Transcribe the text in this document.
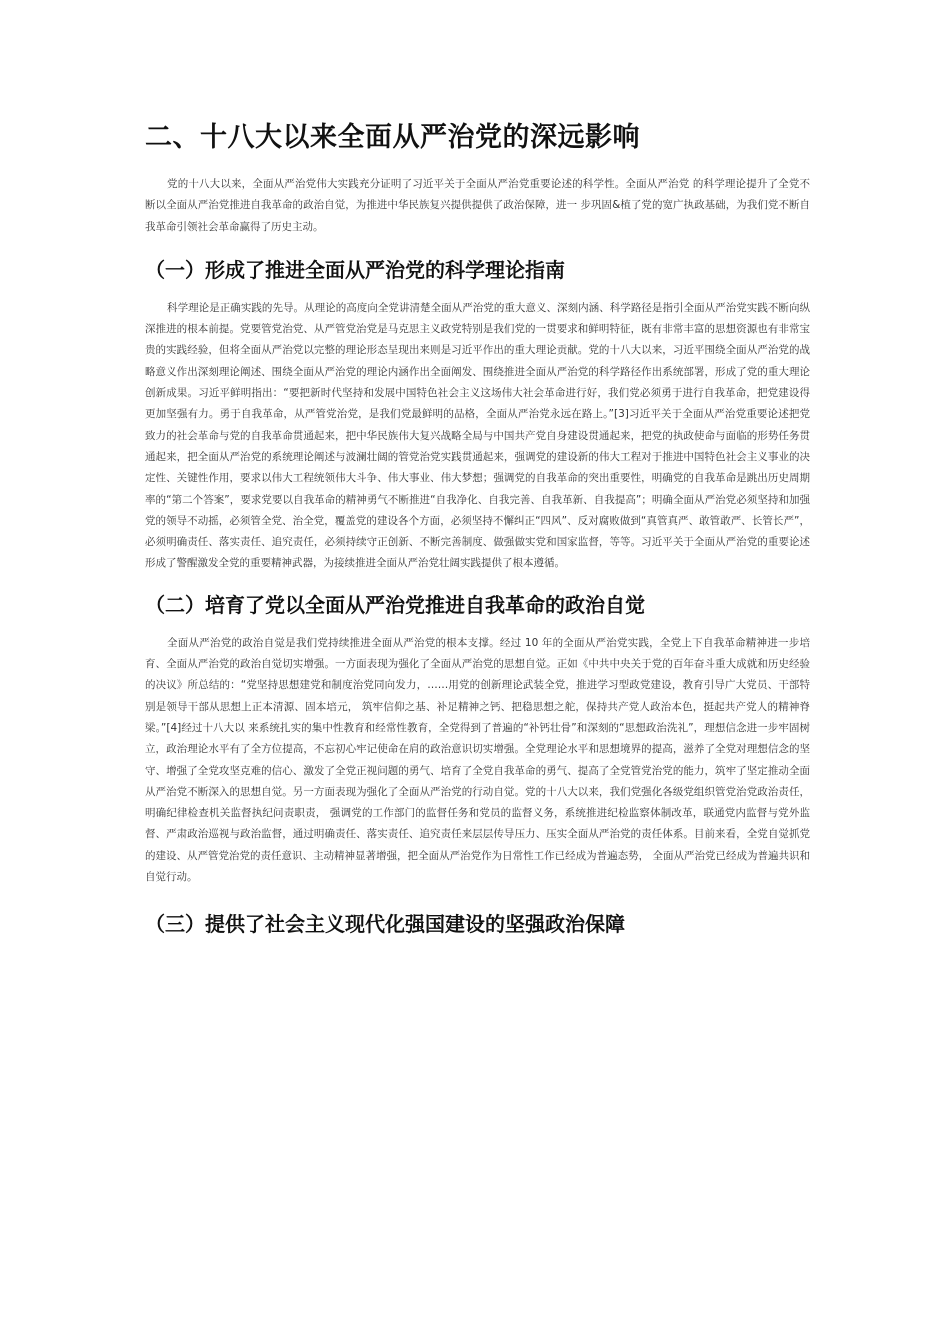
二、十八大以来全面从严治党的深远影响

党的十八大以来，全面从严治党伟大实践充分证明了习近平关于全面从严治党重要论述的科学性。全面从严治党 的科学理论提升了全党不断以全面从严治党推进自我革命的政治自觉，为推进中华民族复兴提供提供了政治保障，进一 步巩固&植了党的宽广执政基础，为我们党不断自我革命引领社会革命赢得了历史主动。

（一）形成了推进全面从严治党的科学理论指南

科学理论是正确实践的先导。从理论的高度向全党讲清楚全面从严治党的重大意义、深刻内涵、科学路径是指引全面从严治党实践不断向纵深推进的根本前提。党要管党治党、从严管党治党是马克思主义政党特别是我们党的一贯要求和鲜明特征，既有非常丰富的思想资源也有非常宝贵的实践经验，但将全面从严治党以完整的理论形态呈现出来则是习近平作出的重大理论贡献。党的十八大以来，习近平围绕全面从严治党的战略意义作出深刻理论阐述、围绕全面从严治党的理论内涵作出全面阐发、围绕推进全面从严治党的科学路径作出系统部署，形成了党的重大理论创新成果。习近平鲜明指出：“要把新时代坚持和发展中国特色社会主义这场伟大社会革命进行好，我们党必须勇于进行自我革命，把党建设得更加坚强有力。勇于自我革命，从严管党治党，是我们党最鲜明的品格，全面从严治党永远在路上。”[3]习近平关于全面从严治党重要论述把党致力的社会革命与党的自我革命贯通起来，把中华民族伟大复兴战略全局与中国共产党自身建设贯通起来，把党的执政使命与面临的形势任务贯通起来，把全面从严治党的系统理论阐述与波澜壮阔的管党治党实践贯通起来，强调党的建设新的伟大工程对于推进中国特色社会主义事业的决定性、关键性作用，要求以伟大工程统领伟大斗争、伟大事业、伟大梦想；强调党的自我革命的突出重要性，明确党的自我革命是跳出历史周期率的“第二个答案”，要求党要以自我革命的精神勇气不断推进“自我净化、自我完善、自我革新、自我提高”；明确全面从严治党必须坚持和加强党的领导不动摇，必须管全党、治全党，覆盖党的建设各个方面，必须坚持不懈纠正“四风”、反对腐败做到“真管真严、敢管敢严、长管长严”，必须明确责任、落实责任、追究责任，必须持续守正创新、不断完善制度、做强做实党和国家监督，等等。习近平关于全面从严治党的重要论述形成了警醒激发全党的重要精神武器，为接续推进全面从严治党壮阔实践提供了根本遵循。

（二）培育了党以全面从严治党推进自我革命的政治自觉

全面从严治党的政治自觉是我们党持续推进全面从严治党的根本支撑。经过 10 年的全面从严治党实践，全党上下自我革命精神进一步培育、全面从严治党的政治自觉切实增强。一方面表现为强化了全面从严治党的思想自觉。正如《中共中央关于党的百年奋斗重大成就和历史经验的决议》所总结的：“党坚持思想建党和制度治党同向发力，……用党的创新理论武装全党，推进学习型政党建设，教育引导广大党员、干部特别是领导干部从思想上正本清源、固本培元， 筑牢信仰之基、补足精神之钙、把稳思想之舵，保持共产党人政治本色，挺起共产党人的精神脊梁。”[4]经过十八大以 来系统扎实的集中性教育和经常性教育，全党得到了普遍的“补钙壮骨”和深刻的“思想政治洗礼”，理想信念进一步牢固树立，政治理论水平有了全方位提高，不忘初心牢记使命在肩的政治意识切实增强。全党理论水平和思想境界的提高，滋养了全党对理想信念的坚守、增强了全党攻坚克难的信心、激发了全党正视问题的勇气、培育了全党自我革命的勇气、提高了全党管党治党的能力，筑牢了坚定推动全面从严治党不断深入的思想自觉。另一方面表现为强化了全面从严治党的行动自觉。党的十八大以来，我们党强化各级党组织管党治党政治责任，明确纪律检查机关监督执纪问责职责， 强调党的工作部门的监督任务和党员的监督义务，系统推进纪检监察体制改革，联通党内监督与党外监督、严肃政治巡视与政治监督，通过明确责任、落实责任、追究责任来层层传导压力、压实全面从严治党的责任体系。目前来看，全党自觉抓党的建设、从严管党治党的责任意识、主动精神显著增强，把全面从严治党作为日常性工作已经成为普遍态势， 全面从严治党已经成为普遍共识和自觉行动。

（三）提供了社会主义现代化强国建设的坚强政治保障
